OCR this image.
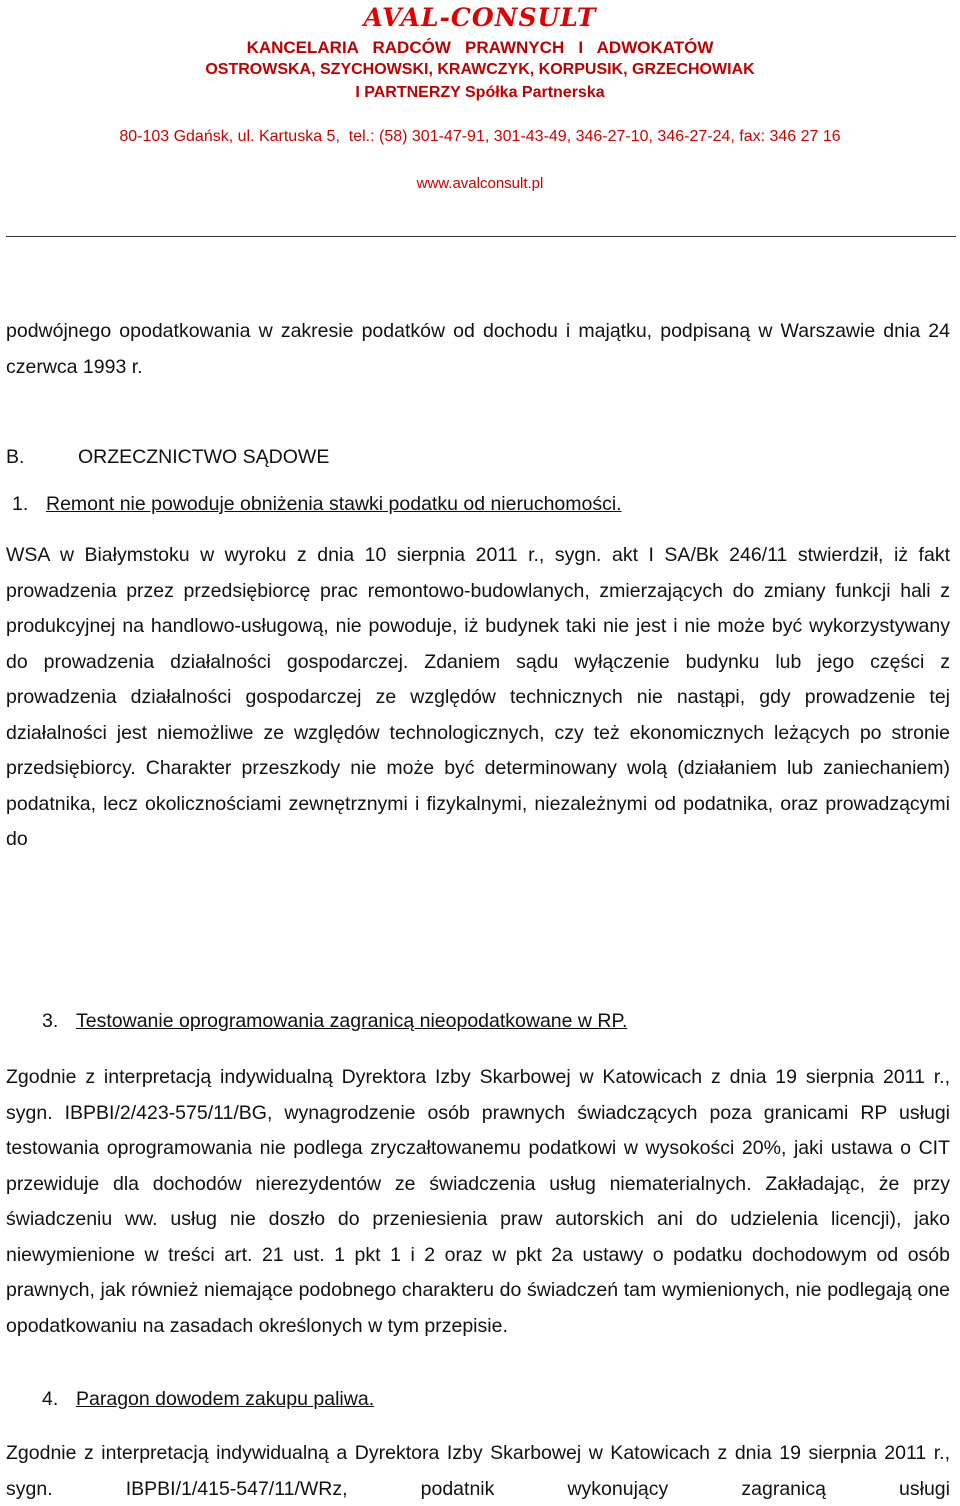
AVAL-CONSULT
KANCELARIA   RADCÓW   PRAWNYCH   I   ADWOKATÓW
OSTROWSKA, SZYCHOWSKI, KRAWCZYK, KORPUSIK, GRZECHOWIAK
I PARTNERZY Spółka Partnerska
80-103 Gdańsk, ul. Kartuska 5,  tel.: (58) 301-47-91, 301-43-49, 346-27-10, 346-27-24, fax: 346 27 16
www.avalconsult.pl

podwójnego opodatkowania w zakresie podatków od dochodu i majątku, podpisaną w Warszawie dnia 24 czerwca 1993 r.

B.	ORZECZNICTWO SĄDOWE
1. Remont nie powoduje obniżenia stawki podatku od nieruchomości.

WSA w Białymstoku w wyroku z dnia 10 sierpnia 2011 r., sygn. akt I SA/Bk 246/11 stwierdził, iż fakt prowadzenia przez przedsiębiorcę prac remontowo-budowlanych, zmierzających do zmiany funkcji hali z produkcyjnej na handlowo-usługową, nie powoduje, iż budynek taki nie jest i nie może być wykorzystywany do prowadzenia działalności gospodarczej. Zdaniem sądu wyłączenie budynku lub jego części z prowadzenia działalności gospodarczej ze względów technicznych nie nastąpi, gdy prowadzenie tej działalności jest niemożliwe ze względów technologicznych, czy też ekonomicznych leżących po stronie przedsiębiorcy. Charakter przeszkody nie może być determinowany wolą (działaniem lub zaniechaniem) podatnika, lecz okolicznościami zewnętrznymi i fizykalnymi, niezależnymi od podatnika, oraz prowadzącymi do

3. Testowanie oprogramowania zagranicą nieopodatkowane w RP.

Zgodnie z interpretacją indywidualną Dyrektora Izby Skarbowej w Katowicach z dnia 19 sierpnia 2011 r., sygn. IBPBI/2/423-575/11/BG, wynagrodzenie osób prawnych świadczących poza granicami RP usługi testowania oprogramowania nie podlega zryczałtowanemu podatkowi w wysokości 20%, jaki ustawa o CIT przewiduje dla dochodów nierezydentów ze świadczenia usług niematerialnych. Zakładając, że przy świadczeniu ww. usług nie doszło do przeniesienia praw autorskich ani do udzielenia licencji), jako niewymienione w treści art. 21 ust. 1 pkt 1 i 2 oraz w pkt 2a ustawy o podatku dochodowym od osób prawnych, jak również niemające podobnego charakteru do świadczeń tam wymienionych, nie podlegają one opodatkowaniu na zasadach określonych w tym przepisie.

4. Paragon dowodem zakupu paliwa.

Zgodnie z interpretacją indywidualną a Dyrektora Izby Skarbowej w Katowicach z dnia 19 sierpnia 2011 r., sygn. IBPBI/1/415-547/11/WRz, podatnik wykonujący zagranicą usługi
